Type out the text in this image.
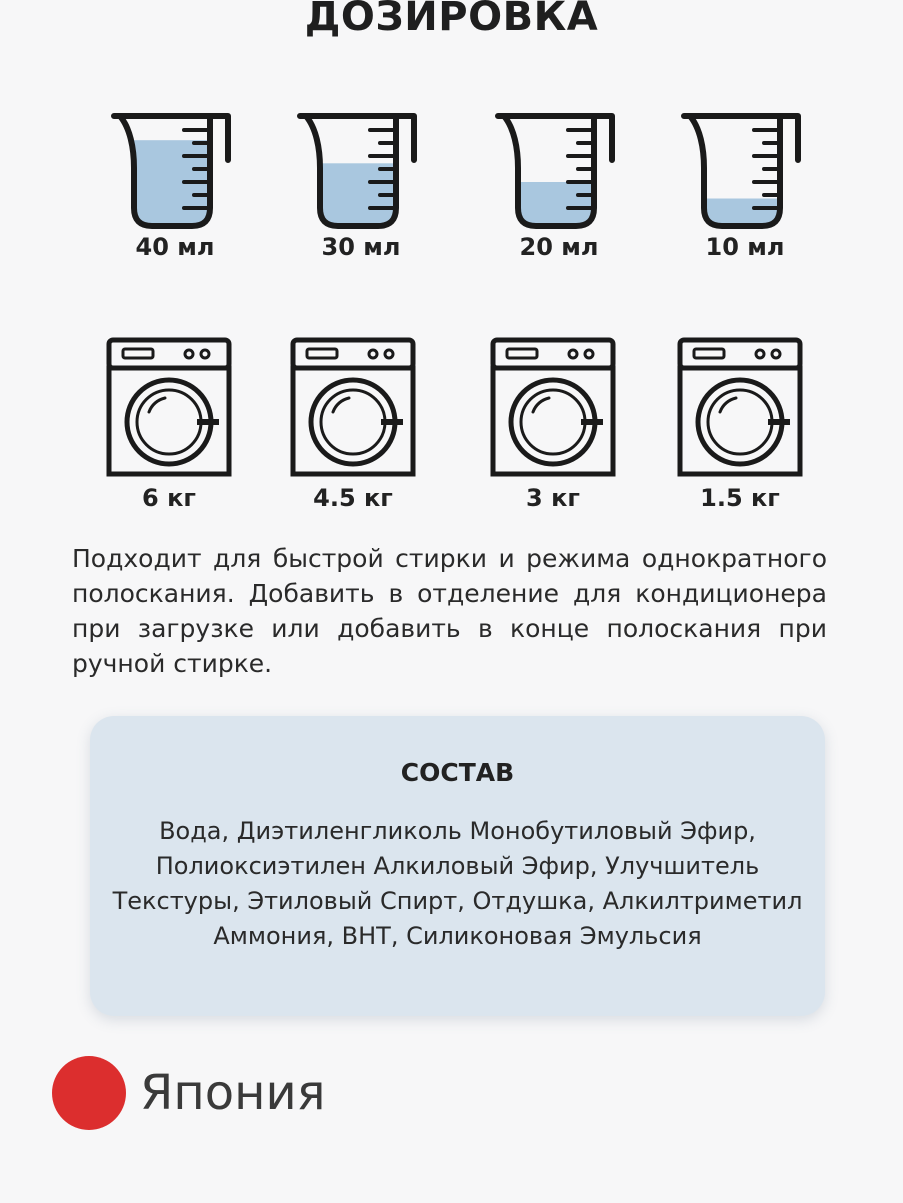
ДОЗИРОВКА
40 мл	30 мл	20 мл	10 мл
6 кг	4.5 кг	3 кг	1.5 кг

Подходит для быстрой стирки и режима однократного полоскания. Добавить в отделение для кондиционера при загрузке или добавить в конце полоскания при ручной стирке.

СОСТАВ
Вода, Диэтиленгликоль Монобутиловый Эфир, Полиоксиэтилен Алкиловый Эфир, Улучшитель Текстуры, Этиловый Спирт, Отдушка, Алкилтриметил Аммония, BHT, Силиконовая Эмульсия
Япония
